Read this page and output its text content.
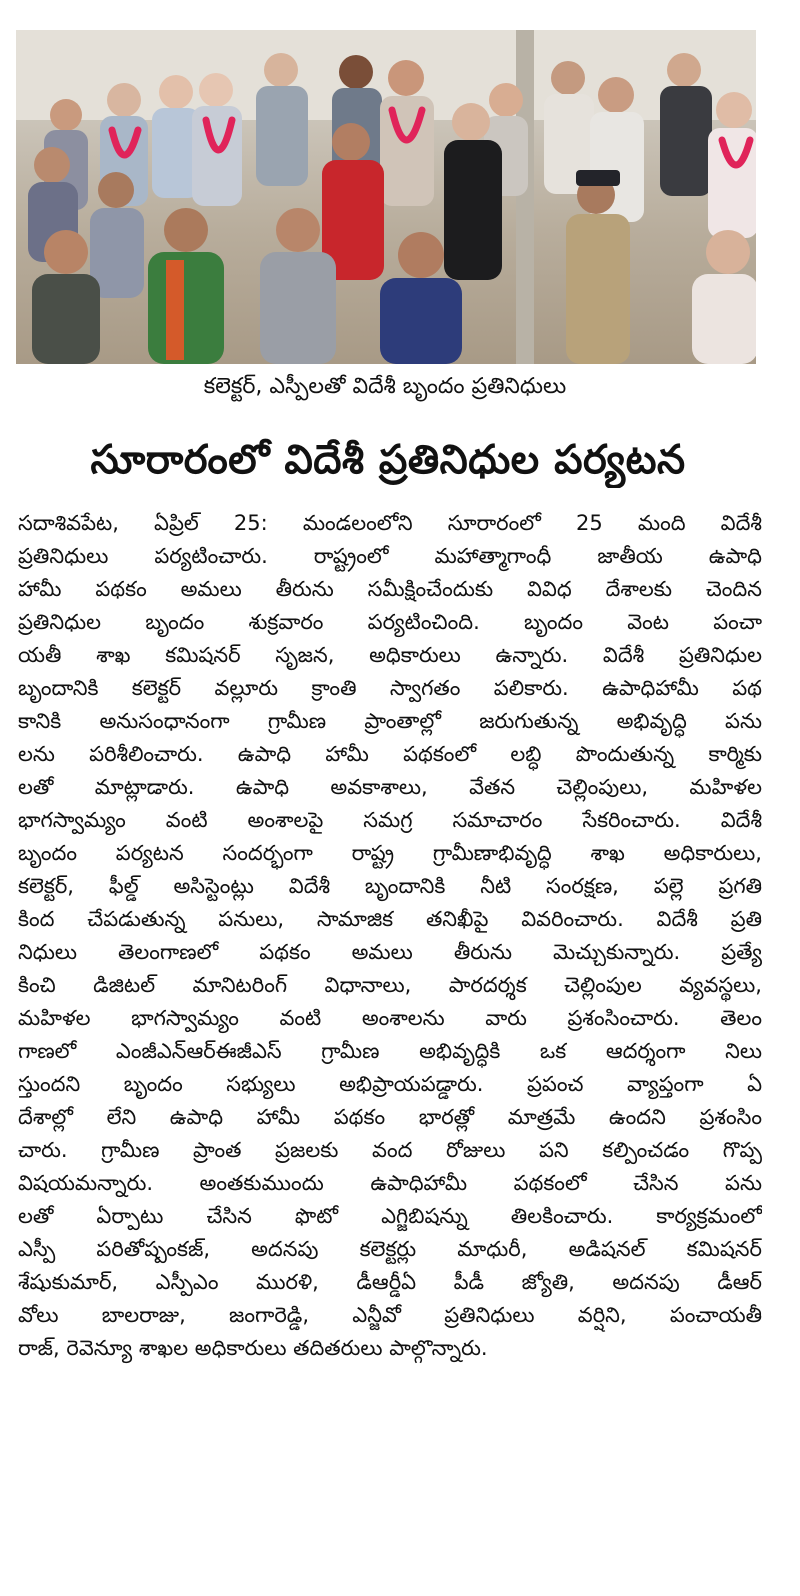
కలెక్టర్, ఎస్పీలతో విదేశీ బృందం ప్రతినిధులు
సూరారంలో విదేశీ ప్రతినిధుల పర్యటన
సదాశివపేట, ఏప్రిల్ 25: మండలంలోని సూరారంలో 25 మంది విదేశీ
ప్రతినిధులు పర్యటించారు. రాష్ట్రంలో మహాత్మాగాంధీ జాతీయ ఉపాధి
హామీ పథకం అమలు తీరును సమీక్షించేందుకు వివిధ దేశాలకు చెందిన
ప్రతినిధుల బృందం శుక్రవారం పర్యటించింది. బృందం వెంట పంచా
యతీ శాఖ కమిషనర్ సృజన, అధికారులు ఉన్నారు. విదేశీ ప్రతినిధుల
బృందానికి కలెక్టర్ వల్లూరు క్రాంతి స్వాగతం పలికారు. ఉపాధిహామీ పథ
కానికి అనుసంధానంగా గ్రామీణ ప్రాంతాల్లో జరుగుతున్న అభివృద్ధి పను
లను పరిశీలించారు. ఉపాధి హామీ పథకంలో లబ్ధి పొందుతున్న కార్మికు
లతో మాట్లాడారు. ఉపాధి అవకాశాలు, వేతన చెల్లింపులు, మహిళల
భాగస్వామ్యం వంటి అంశాలపై సమగ్ర సమాచారం సేకరించారు. విదేశీ
బృందం పర్యటన సందర్భంగా రాష్ట్ర గ్రామీణాభివృద్ధి శాఖ అధికారులు,
కలెక్టర్, ఫీల్డ్ అసిస్టెంట్లు విదేశీ బృందానికి నీటి సంరక్షణ, పల్లె ప్రగతి
కింద చేపడుతున్న పనులు, సామాజిక తనిఖీపై వివరించారు. విదేశీ ప్రతి
నిధులు తెలంగాణలో పథకం అమలు తీరును మెచ్చుకున్నారు. ప్రత్యే
కించి డిజిటల్ మానిటరింగ్ విధానాలు, పారదర్శక చెల్లింపుల వ్యవస్థలు,
మహిళల భాగస్వామ్యం వంటి అంశాలను వారు ప్రశంసించారు. తెలం
గాణలో ఎంజీఎన్ఆర్ఈజీఎస్ గ్రామీణ అభివృద్ధికి ఒక ఆదర్శంగా నిలు
స్తుందని బృందం సభ్యులు అభిప్రాయపడ్డారు. ప్రపంచ వ్యాప్తంగా ఏ
దేశాల్లో లేని ఉపాధి హామీ పథకం భారత్లో మాత్రమే ఉందని ప్రశంసిం
చారు. గ్రామీణ ప్రాంత ప్రజలకు వంద రోజులు పని కల్పించడం గొప్ప
విషయమన్నారు. అంతకుముందు ఉపాధిహామీ పథకంలో చేసిన పను
లతో ఏర్పాటు చేసిన ఫొటో ఎగ్జిబిషన్ను తిలకించారు. కార్యక్రమంలో
ఎస్పీ పరితోష్పంకజ్, అదనపు కలెక్టర్లు మాధురీ, అడిషనల్ కమిషనర్
శేషుకుమార్, ఎస్పీఎం మురళి, డీఆర్డీఏ పీడీ జ్యోతి, అదనపు డీఆర్
వోలు బాలరాజు, జంగారెడ్డి, ఎన్జీవో ప్రతినిధులు వర్షిని, పంచాయతీ
రాజ్, రెవెన్యూ శాఖల అధికారులు తదితరులు పాల్గొన్నారు.
